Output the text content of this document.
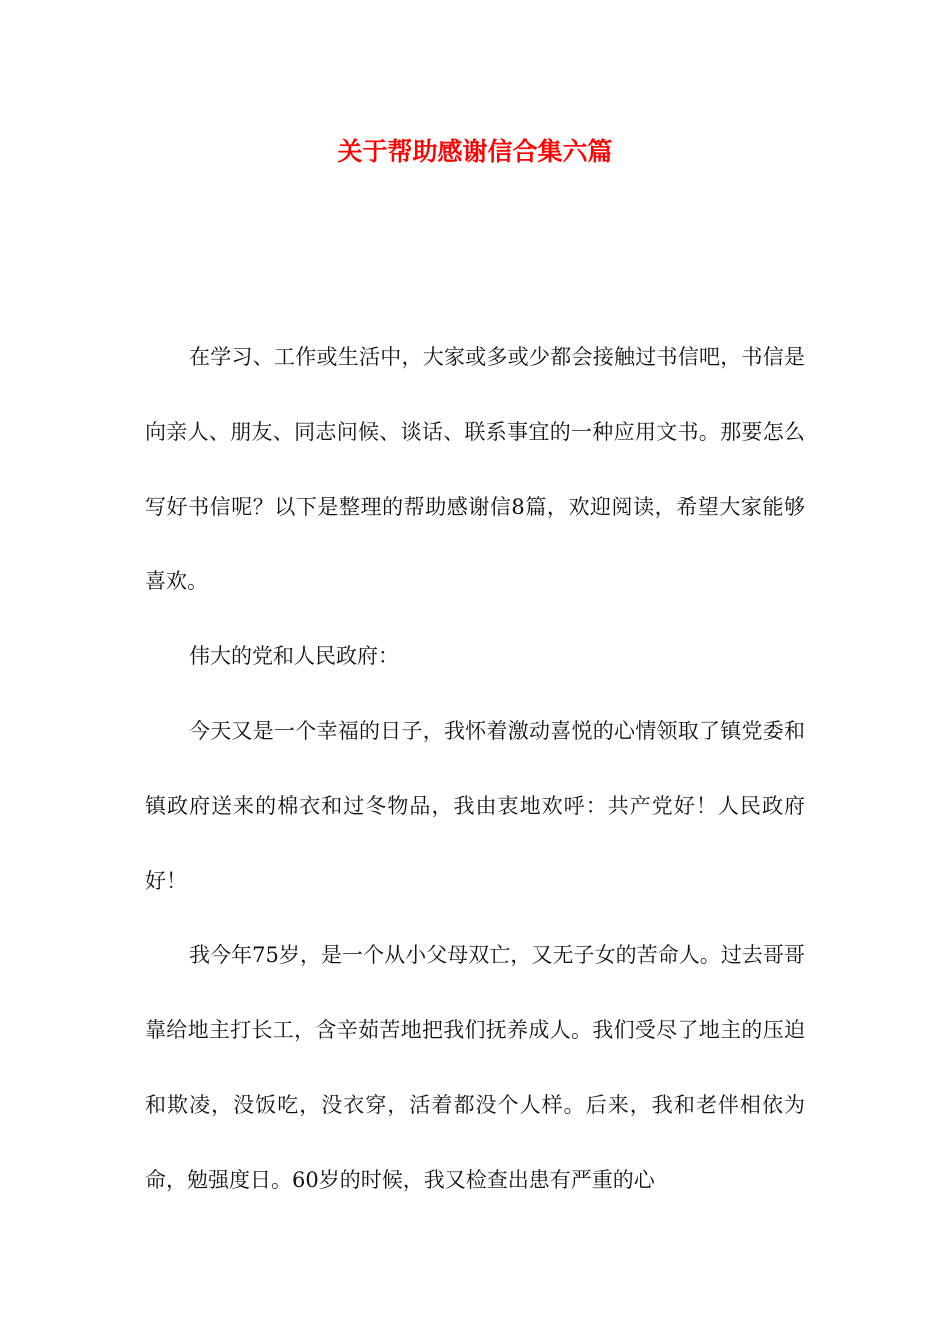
关于帮助感谢信合集六篇

在学习、工作或生活中，大家或多或少都会接触过书信吧，书信是向亲人、朋友、同志问候、谈话、联系事宜的一种应用文书。那要怎么写好书信呢？以下是整理的帮助感谢信8篇，欢迎阅读，希望大家能够喜欢。

伟大的党和人民政府：

今天又是一个幸福的日子，我怀着激动喜悦的心情领取了镇党委和镇政府送来的棉衣和过冬物品，我由衷地欢呼：共产党好！人民政府好！

我今年75岁，是一个从小父母双亡，又无子女的苦命人。过去哥哥靠给地主打长工，含辛茹苦地把我们抚养成人。我们受尽了地主的压迫和欺凌，没饭吃，没衣穿，活着都没个人样。后来，我和老伴相依为命，勉强度日。60岁的时候，我又检查出患有严重的心
